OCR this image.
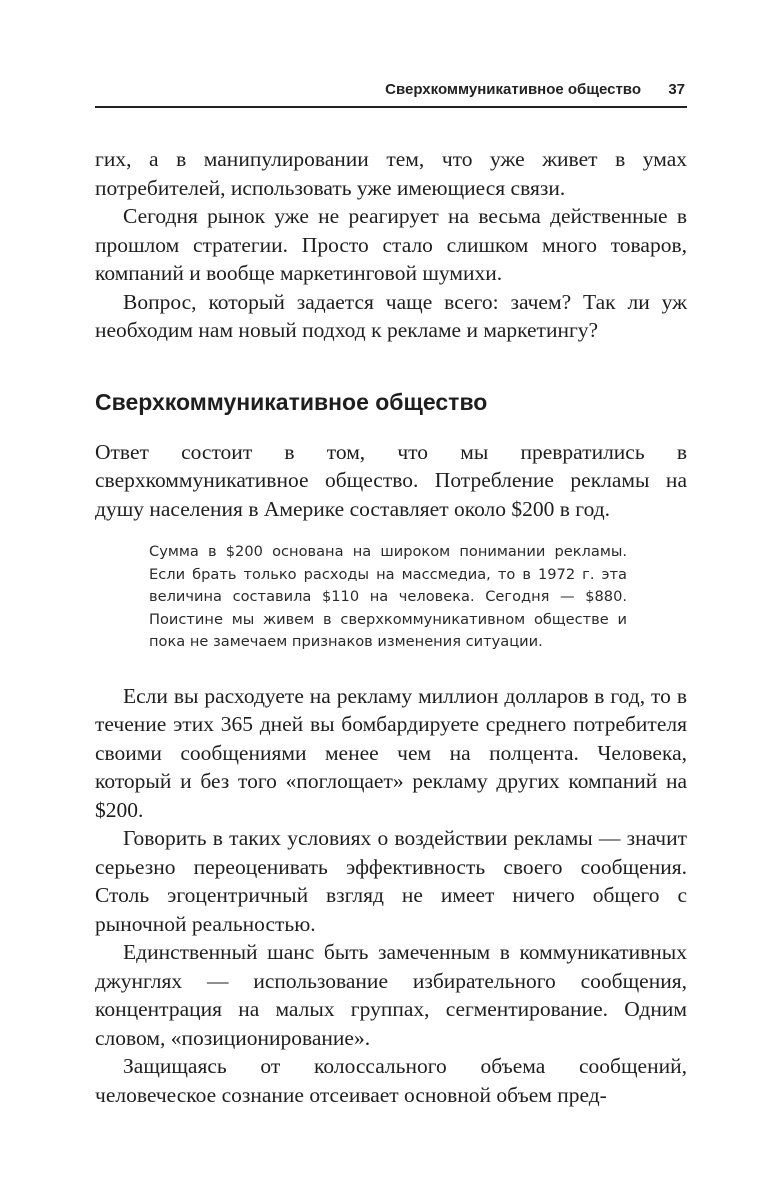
Сверхкоммуникативное общество 37

гих, а в манипулировании тем, что уже живет в умах потребителей, использовать уже имеющиеся связи.

Сегодня рынок уже не реагирует на весьма действенные в прошлом стратегии. Просто стало слишком много товаров, компаний и вообще маркетинговой шумихи.

Вопрос, который задается чаще всего: зачем? Так ли уж необходим нам новый подход к рекламе и маркетингу?

Сверхкоммуникативное общество

Ответ состоит в том, что мы превратились в сверхкоммуникативное общество. Потребление рекламы на душу населения в Америке составляет около $200 в год.

Сумма в $200 основана на широком понимании рекламы. Если брать только расходы на массмедиа, то в 1972 г. эта величина составила $110 на человека. Сегодня — $880. Поистине мы живем в сверхкоммуникативном обществе и пока не замечаем признаков изменения ситуации.

Если вы расходуете на рекламу миллион долларов в год, то в течение этих 365 дней вы бомбардируете среднего потребителя своими сообщениями менее чем на полцента. Человека, который и без того «поглощает» рекламу других компаний на $200.

Говорить в таких условиях о воздействии рекламы — значит серьезно переоценивать эффективность своего сообщения. Столь эгоцентричный взгляд не имеет ничего общего с рыночной реальностью.

Единственный шанс быть замеченным в коммуникативных джунглях — использование избирательного сообщения, концентрация на малых группах, сегментирование. Одним словом, «позиционирование».

Защищаясь от колоссального объема сообщений, человеческое сознание отсеивает основной объем пред-
